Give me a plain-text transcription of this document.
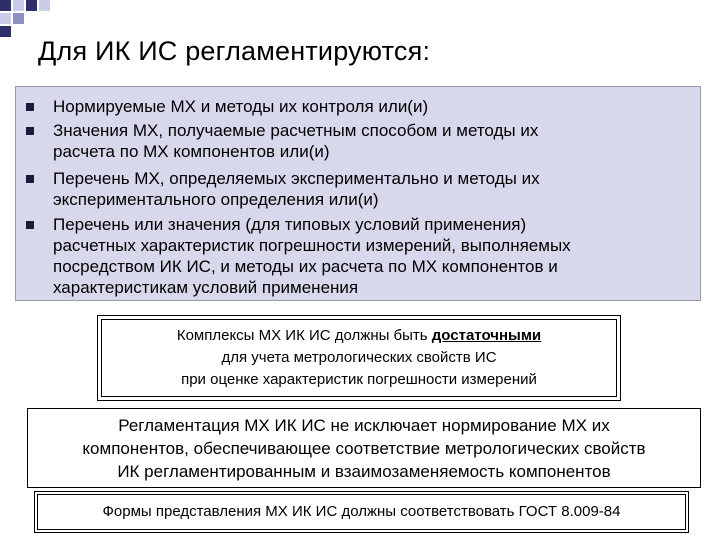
Для ИК ИС регламентируются:
Нормируемые МХ и методы их контроля или(и)
Значения МХ, получаемые расчетным способом и методы их
расчета по МХ компонентов или(и)
Перечень МХ, определяемых экспериментально и методы их
экспериментального определения или(и)
Перечень или значения (для типовых условий применения)
расчетных характеристик погрешности измерений, выполняемых
посредством ИК ИС, и методы их расчета по МХ компонентов и
характеристикам условий применения
Комплексы МХ ИК ИС должны быть достаточными
для учета метрологических свойств ИС
при оценке характеристик погрешности измерений
Регламентация МХ ИК ИС не исключает нормирование МХ их
компонентов, обеспечивающее соответствие метрологических свойств
ИК регламентированным и взаимозаменяемость компонентов
Формы представления МХ ИК ИС должны соответствовать ГОСТ 8.009-84
